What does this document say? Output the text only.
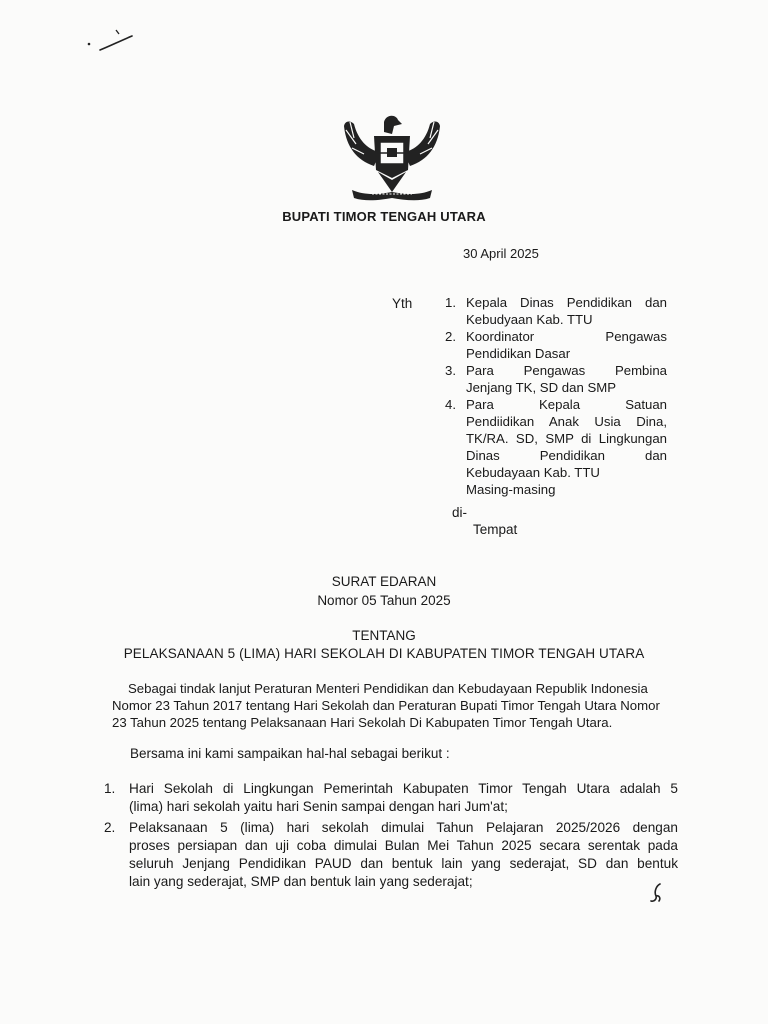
BUPATI TIMOR TENGAH UTARA
30 April 2025
Yth 1. Kepala Dinas Pendidikan dan
Kebudyaan Kab. TTU
2. Koordinator Pengawas
Pendidikan Dasar
3. Para Pengawas Pembina
Jenjang TK, SD dan SMP
4. Para Kepala Satuan
Pendiidikan Anak Usia Dina,
TK/RA. SD, SMP di Lingkungan
Dinas Pendidikan dan
Kebudayaan Kab. TTU
Masing-masing
di-
Tempat
SURAT EDARAN
Nomor 05 Tahun 2025
TENTANG
PELAKSANAAN 5 (LIMA) HARI SEKOLAH DI KABUPATEN TIMOR TENGAH UTARA
Sebagai tindak lanjut Peraturan Menteri Pendidikan dan Kebudayaan Republik Indonesia
Nomor 23 Tahun 2017 tentang Hari Sekolah dan Peraturan Bupati Timor Tengah Utara Nomor
23 Tahun 2025 tentang Pelaksanaan Hari Sekolah Di Kabupaten Timor Tengah Utara.
Bersama ini kami sampaikan hal-hal sebagai berikut :
1. Hari Sekolah di Lingkungan Pemerintah Kabupaten Timor Tengah Utara adalah 5
(lima) hari sekolah yaitu hari Senin sampai dengan hari Jum'at;
2. Pelaksanaan 5 (lima) hari sekolah dimulai Tahun Pelajaran 2025/2026 dengan
proses persiapan dan uji coba dimulai Bulan Mei Tahun 2025 secara serentak pada
seluruh Jenjang Pendidikan PAUD dan bentuk lain yang sederajat, SD dan bentuk
lain yang sederajat, SMP dan bentuk lain yang sederajat;
